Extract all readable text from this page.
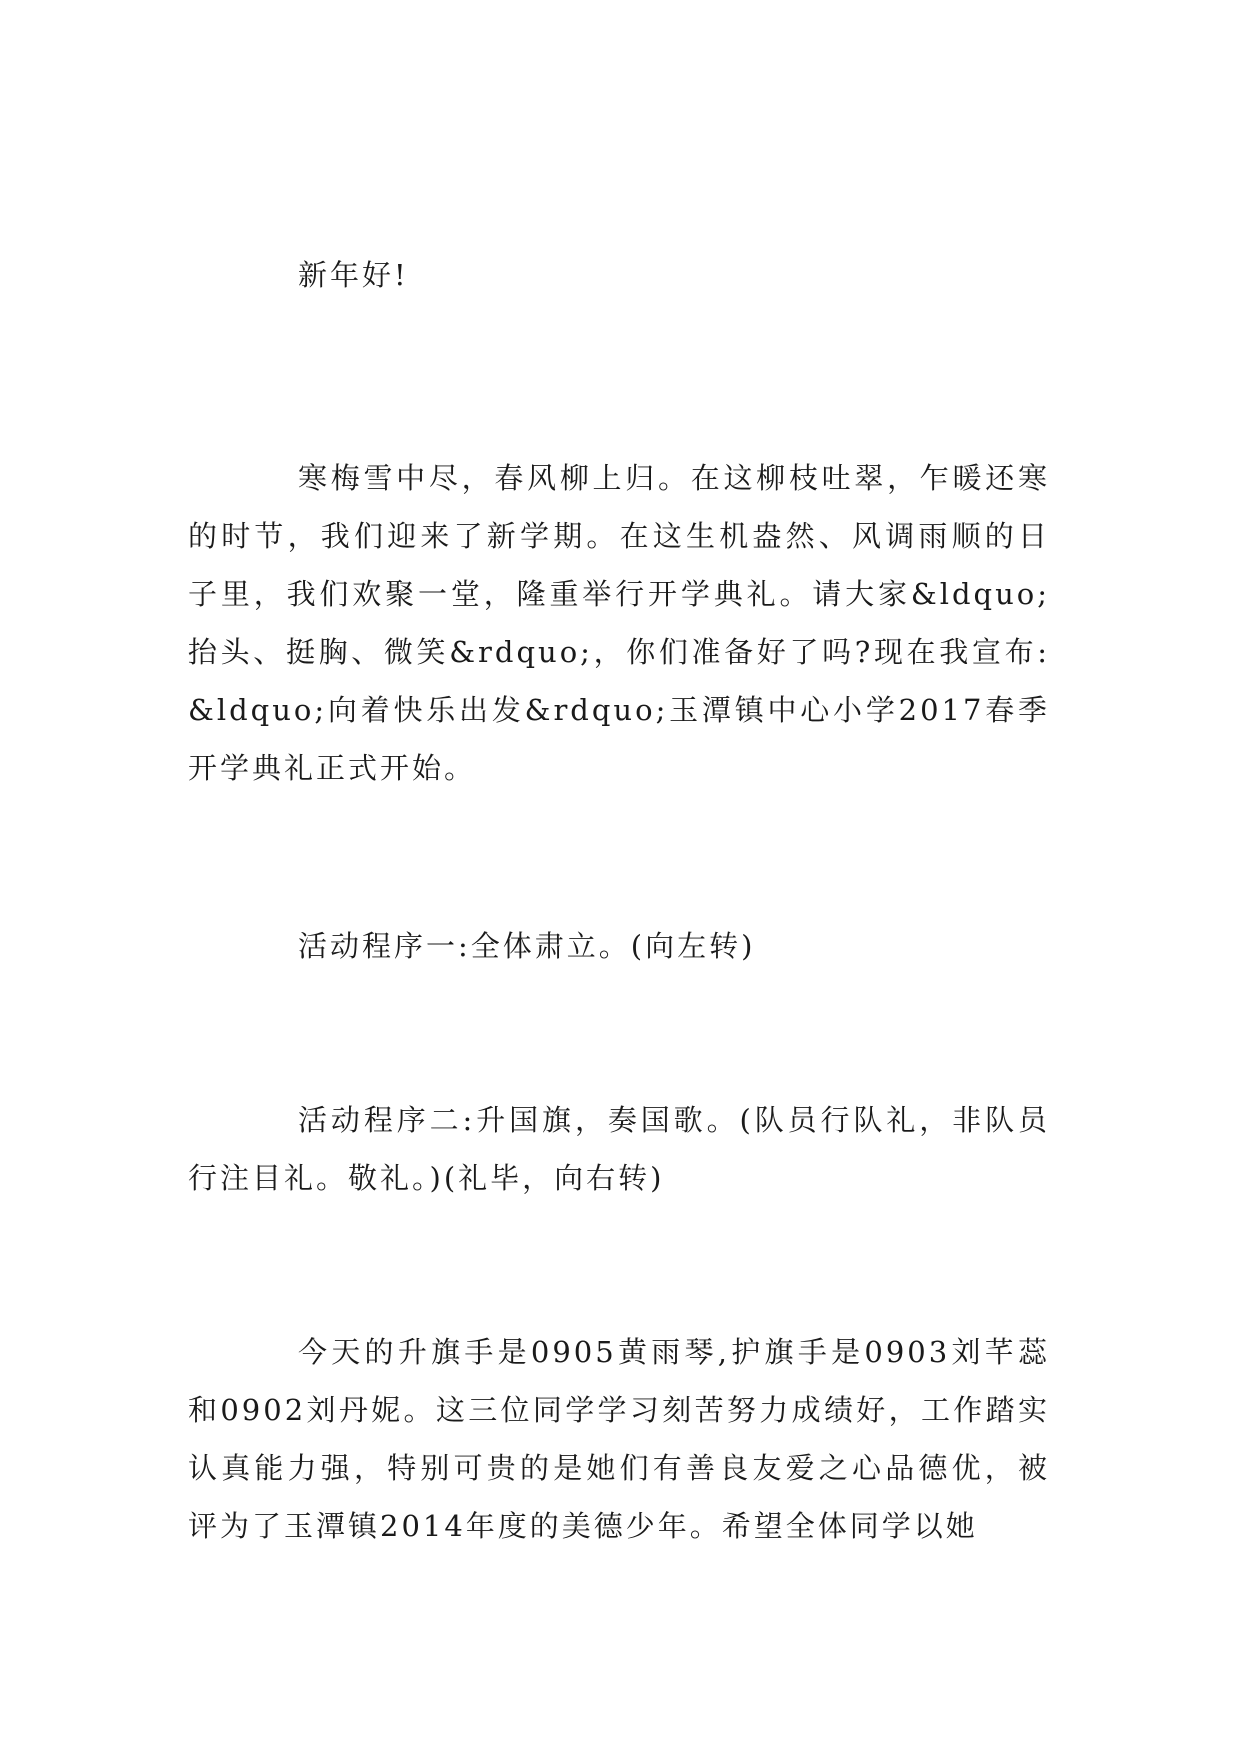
新年好!

寒梅雪中尽，春风柳上归。在这柳枝吐翠，乍暖还寒的时节，我们迎来了新学期。在这生机盎然、风调雨顺的日子里，我们欢聚一堂，隆重举行开学典礼。请大家&ldquo;抬头、挺胸、微笑&rdquo;，你们准备好了吗?现在我宣布:&ldquo;向着快乐出发&rdquo;玉潭镇中心小学2017春季开学典礼正式开始。

活动程序一:全体肃立。(向左转)

活动程序二:升国旗，奏国歌。(队员行队礼，非队员行注目礼。敬礼。)(礼毕，向右转)

今天的升旗手是0905黄雨琴,护旗手是0903刘芊蕊和0902刘丹妮。这三位同学学习刻苦努力成绩好，工作踏实认真能力强，特别可贵的是她们有善良友爱之心品德优，被评为了玉潭镇2014年度的美德少年。希望全体同学以她
